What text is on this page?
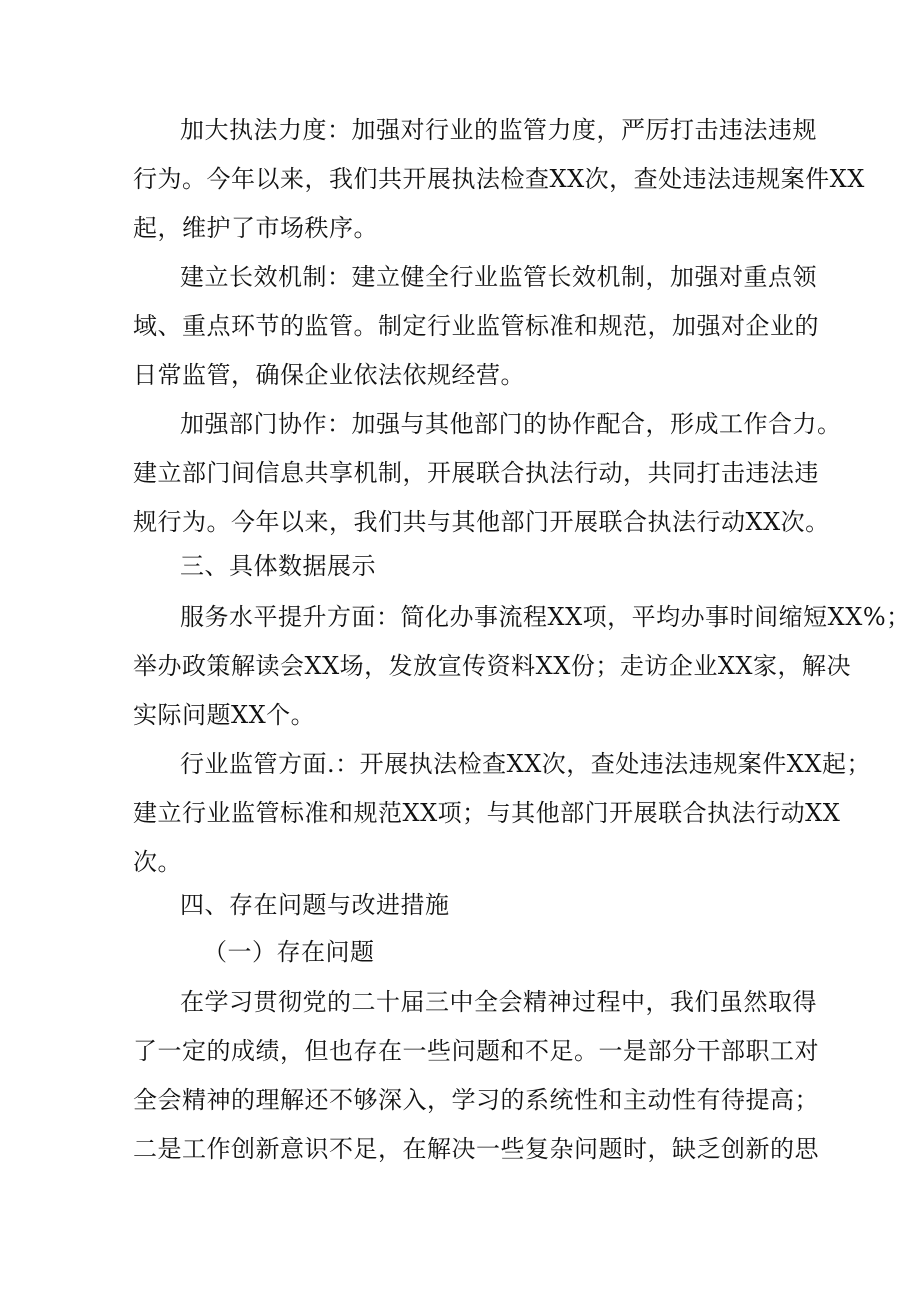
加大执法力度：加强对行业的监管力度，严厉打击违法违规

行为。今年以来，我们共开展执法检查XX次，查处违法违规案件XX

起，维护了市场秩序。

建立长效机制：建立健全行业监管长效机制，加强对重点领

域、重点环节的监管。制定行业监管标准和规范，加强对企业的

日常监管，确保企业依法依规经营。

加强部门协作：加强与其他部门的协作配合，形成工作合力。

建立部门间信息共享机制，开展联合执法行动，共同打击违法违

规行为。今年以来，我们共与其他部门开展联合执法行动XX次。

三、具体数据展示

服务水平提升方面：简化办事流程XX项，平均办事时间缩短XX%；

举办政策解读会XX场，发放宣传资料XX份；走访企业XX家，解决

实际问题XX个。

行业监管方面.：开展执法检查XX次，查处违法违规案件XX起；

建立行业监管标准和规范XX项；与其他部门开展联合执法行动XX

次。

四、存在问题与改进措施
（一）存在问题

在学习贯彻党的二十届三中全会精神过程中，我们虽然取得

了一定的成绩，但也存在一些问题和不足。一是部分干部职工对

全会精神的理解还不够深入，学习的系统性和主动性有待提高；

二是工作创新意识不足，在解决一些复杂问题时，缺乏创新的思
